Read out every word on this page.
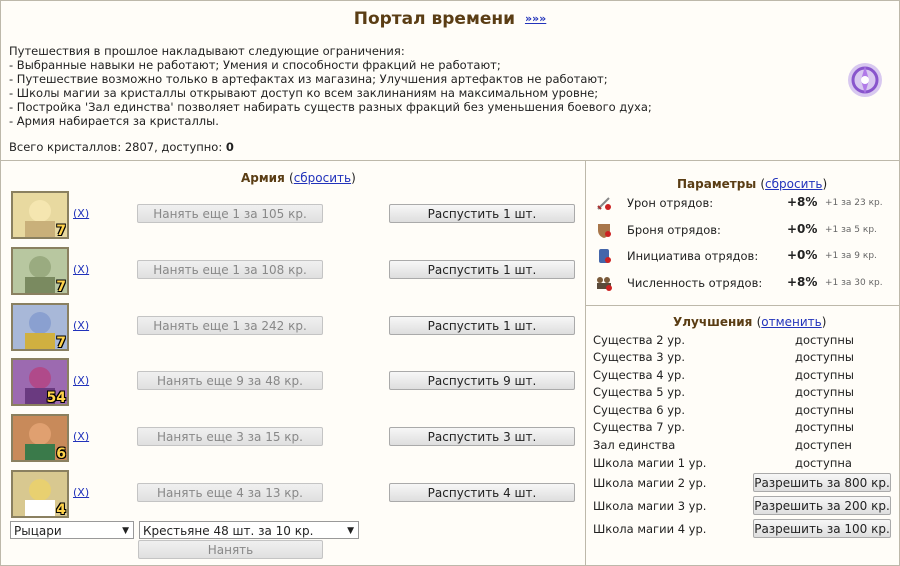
Портал времени »»»
Путешествия в прошлое накладывают следующие ограничения:
- Выбранные навыки не работают; Умения и способности фракций не работают;
- Путешествие возможно только в артефактах из магазина; Улучшения артефактов не работают;
- Школы магии за кристаллы открывают доступ ко всем заклинаниям на максимальном уровне;
- Постройка 'Зал единства' позволяет набирать существ разных фракций без уменьшения боевого духа;
- Армия набирается за кристаллы.
Всего кристаллов: 2807, доступно: 0
Армия (сбросить)
7
(X)	Нанять еще 1 за 105 кр.	Распустить 1 шт.
7
(X)	Нанять еще 1 за 108 кр.	Распустить 1 шт.
7
(X)	Нанять еще 1 за 242 кр.	Распустить 1 шт.
54
(X)	Нанять еще 9 за 48 кр.	Распустить 9 шт.
6
(X)	Нанять еще 3 за 15 кр.	Распустить 3 шт.
4
(X)	Нанять еще 4 за 13 кр.	Распустить 4 шт.
Рыцари	▼	Крестьяне 48 шт. за 10 кр.	▼
Нанять
Параметры (сбросить)
Урон отрядов:	+8% +1 за 23 кр.
Броня отрядов:	+0% +1 за 5 кр.
Инициатива отрядов: +0% +1 за 9 кр.
Численность отрядов: +8% +1 за 30 кр.
Улучшения (отменить)
Существа 2 ур.	доступны
Существа 3 ур.	доступны
Существа 4 ур.	доступны
Существа 5 ур.	доступны
Существа 6 ур.	доступны
Существа 7 ур.	доступны
Зал единства	доступен
Школа магии 1 ур.	доступна
Школа магии 2 ур.	Разрешить за 800 кр.
Школа магии 3 ур.	Разрешить за 200 кр.
Школа магии 4 ур.	Разрешить за 100 кр.
